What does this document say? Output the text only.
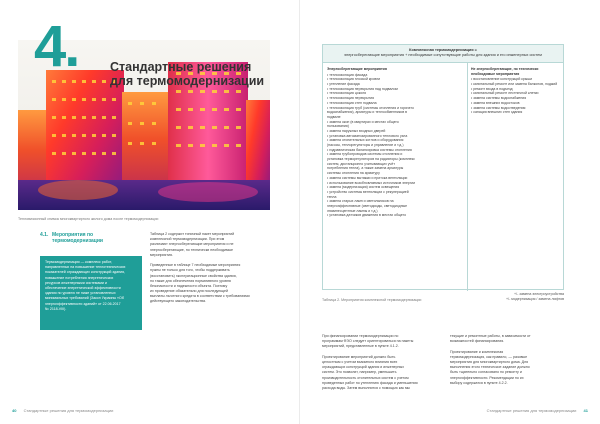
4.	Стандартные решения
для термомодернизации
Тепловизионный снимок многоквартирного жилого дома после термомодернизации
4.1. Мероприятия по
термомодернизации
Термомодернизация — комплекс работ,
направленных на повышение теплотехнических
показателей ограждающих конструкций здания,
повышение потребления энергетических
ресурсов инженерными системами и
обеспечение энергетической эффективности
здания по уровню не ниже установленных
минимальных требований (Закон Украины «Об
энергоэффективности зданий» от 22.06.2017
№ 2118-VIII).
Таблица 2 содержит типичный пакет мероприятий
комплексной термомодернизации. При этом
различают энергосберегающие мероприятия и не
энергосберегающие, но технически необходимые
мероприятия.
Приведенные в таблице 7 необходимые мероприятия
нужны не только для того, чтобы поддерживать
(восстановить) эксплуатационные свойства здания,
но также для обеспечения нормативного уровня
безопасности и надежности объекта. Поэтому
их проведение обязательно для последующей
выплаты льготного кредита в соответствии с требованиями
действующего законодательства.
40 Стандартные решения для термомодернизации
Комплексная термомодернизация =
энергосберегающие мероприятия + необходимые сопутствующие работы для здания и его инженерных систем
Энергосберегающие мероприятия
• теплоизоляция фасада
• теплоизоляция плоской кровли
• утепление фасада
• теплоизоляция перекрытия над подвалом
• теплоизоляция цоколя
• теплоизоляция перекрытия
• теплоизоляция стен подвала
• теплоизоляция труб (системы отопления и горячего
водоснабжения), арматуры и теплообменников в
подвале
• замена окон (в квартирах и местах общего
пользования)
• замена наружных входных дверей
• установка автоматизированного теплового узла
• замена отопительных котлов и оборудования
(насосы, теплорегуляторы и управление и т.д.)
• гидравлическая балансировка системы отопления
• замена трубопроводов системы отопления и
установка терморегуляторов на радиаторы (комплекс
систем, дистанционно учитывающих учёт
потребления тепла), а также замена арматуры
системы отопления на арматуру
• замена системы вытяжки и притока вентиляции
• использование возобновляемых источников энергии
• замена (модернизация) систем освещения
• устройство системы вентиляции с рекуперацией
тепла
• замена старых ламп и светильников на
энергоэффективные (светодиоды, светодиодные
люминесцентные лампы и т.д.)
• установка датчиков движения в местах общего
Не энергосберегающие, но технически необходимые мероприятия
• восстановление конструкций крыши
• капитальный ремонт или замена балконов, лоджий
• ремонт входа в подъезд
• капитальный ремонт лестничной клетки
• замена системы водоснабжения
• замена внешних водостоков
• замена системы водоотведения
• санация внешних стен здания
+/- замена электроустройства
+/- модернизация / замена лифтов
Таблица 2. Мероприятия комплексной термомодернизации
При финансировании термомодернизации по
программам ФЭО следует ориентироваться на пакеты
мероприятий, представленные в пункте 4.1.2.
Проектирование мероприятий должно быть
целостным с учетом взаимного влияния всех
ограждающих конструкций здания и инженерных
систем. Это позволит, например, уменьшить
производительность отопительных систем с учетом
проведенных работ по утеплению фасада и уменьшения
расхода воды. Затем выполнится с помощью как мы
текущие и ремонтные работы, в зависимости от
возможностей финансирования.
Проектирование и комплексная
термомодернизация, как правило, — разовые
мероприятия для многоквартирного дома. Для
выполнения этого техническое задание должно
быть тщательно согласовано по ремонту и
энергоэффективности. Рекомендации по их
выбору содержатся в пункте 4.2.2.
Стандартные решения для термомодернизации 41
